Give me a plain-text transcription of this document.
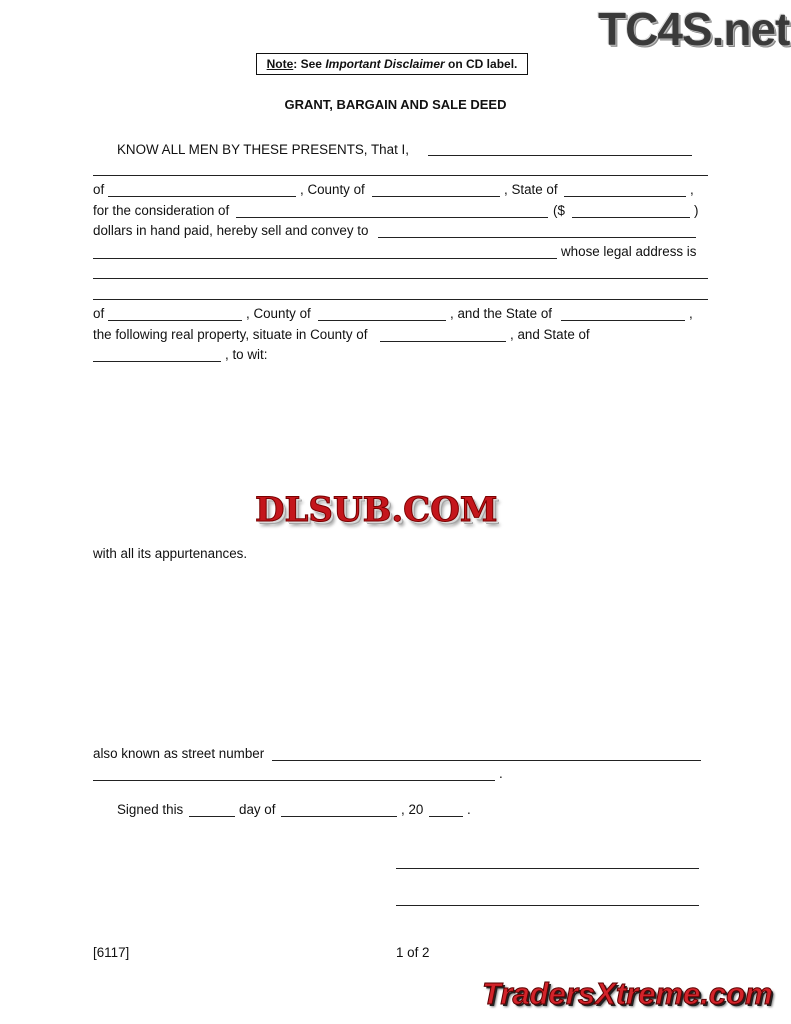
TC4S.net
DLSUB.COM
TradersXtreme.com
Note: See Important Disclaimer on CD label.
GRANT, BARGAIN AND SALE DEED
KNOW ALL MEN BY THESE PRESENTS, That I,
of	, County of	, State of	,
for the consideration of	($	)
dollars in hand paid, hereby sell and convey to
whose legal address is
of	, County of	, and the State of	,
the following real property, situate in County of	, and State of
, to wit:
with all its appurtenances.
also known as street number
.
Signed this	day of	, 20	.
[6117]	1 of 2
